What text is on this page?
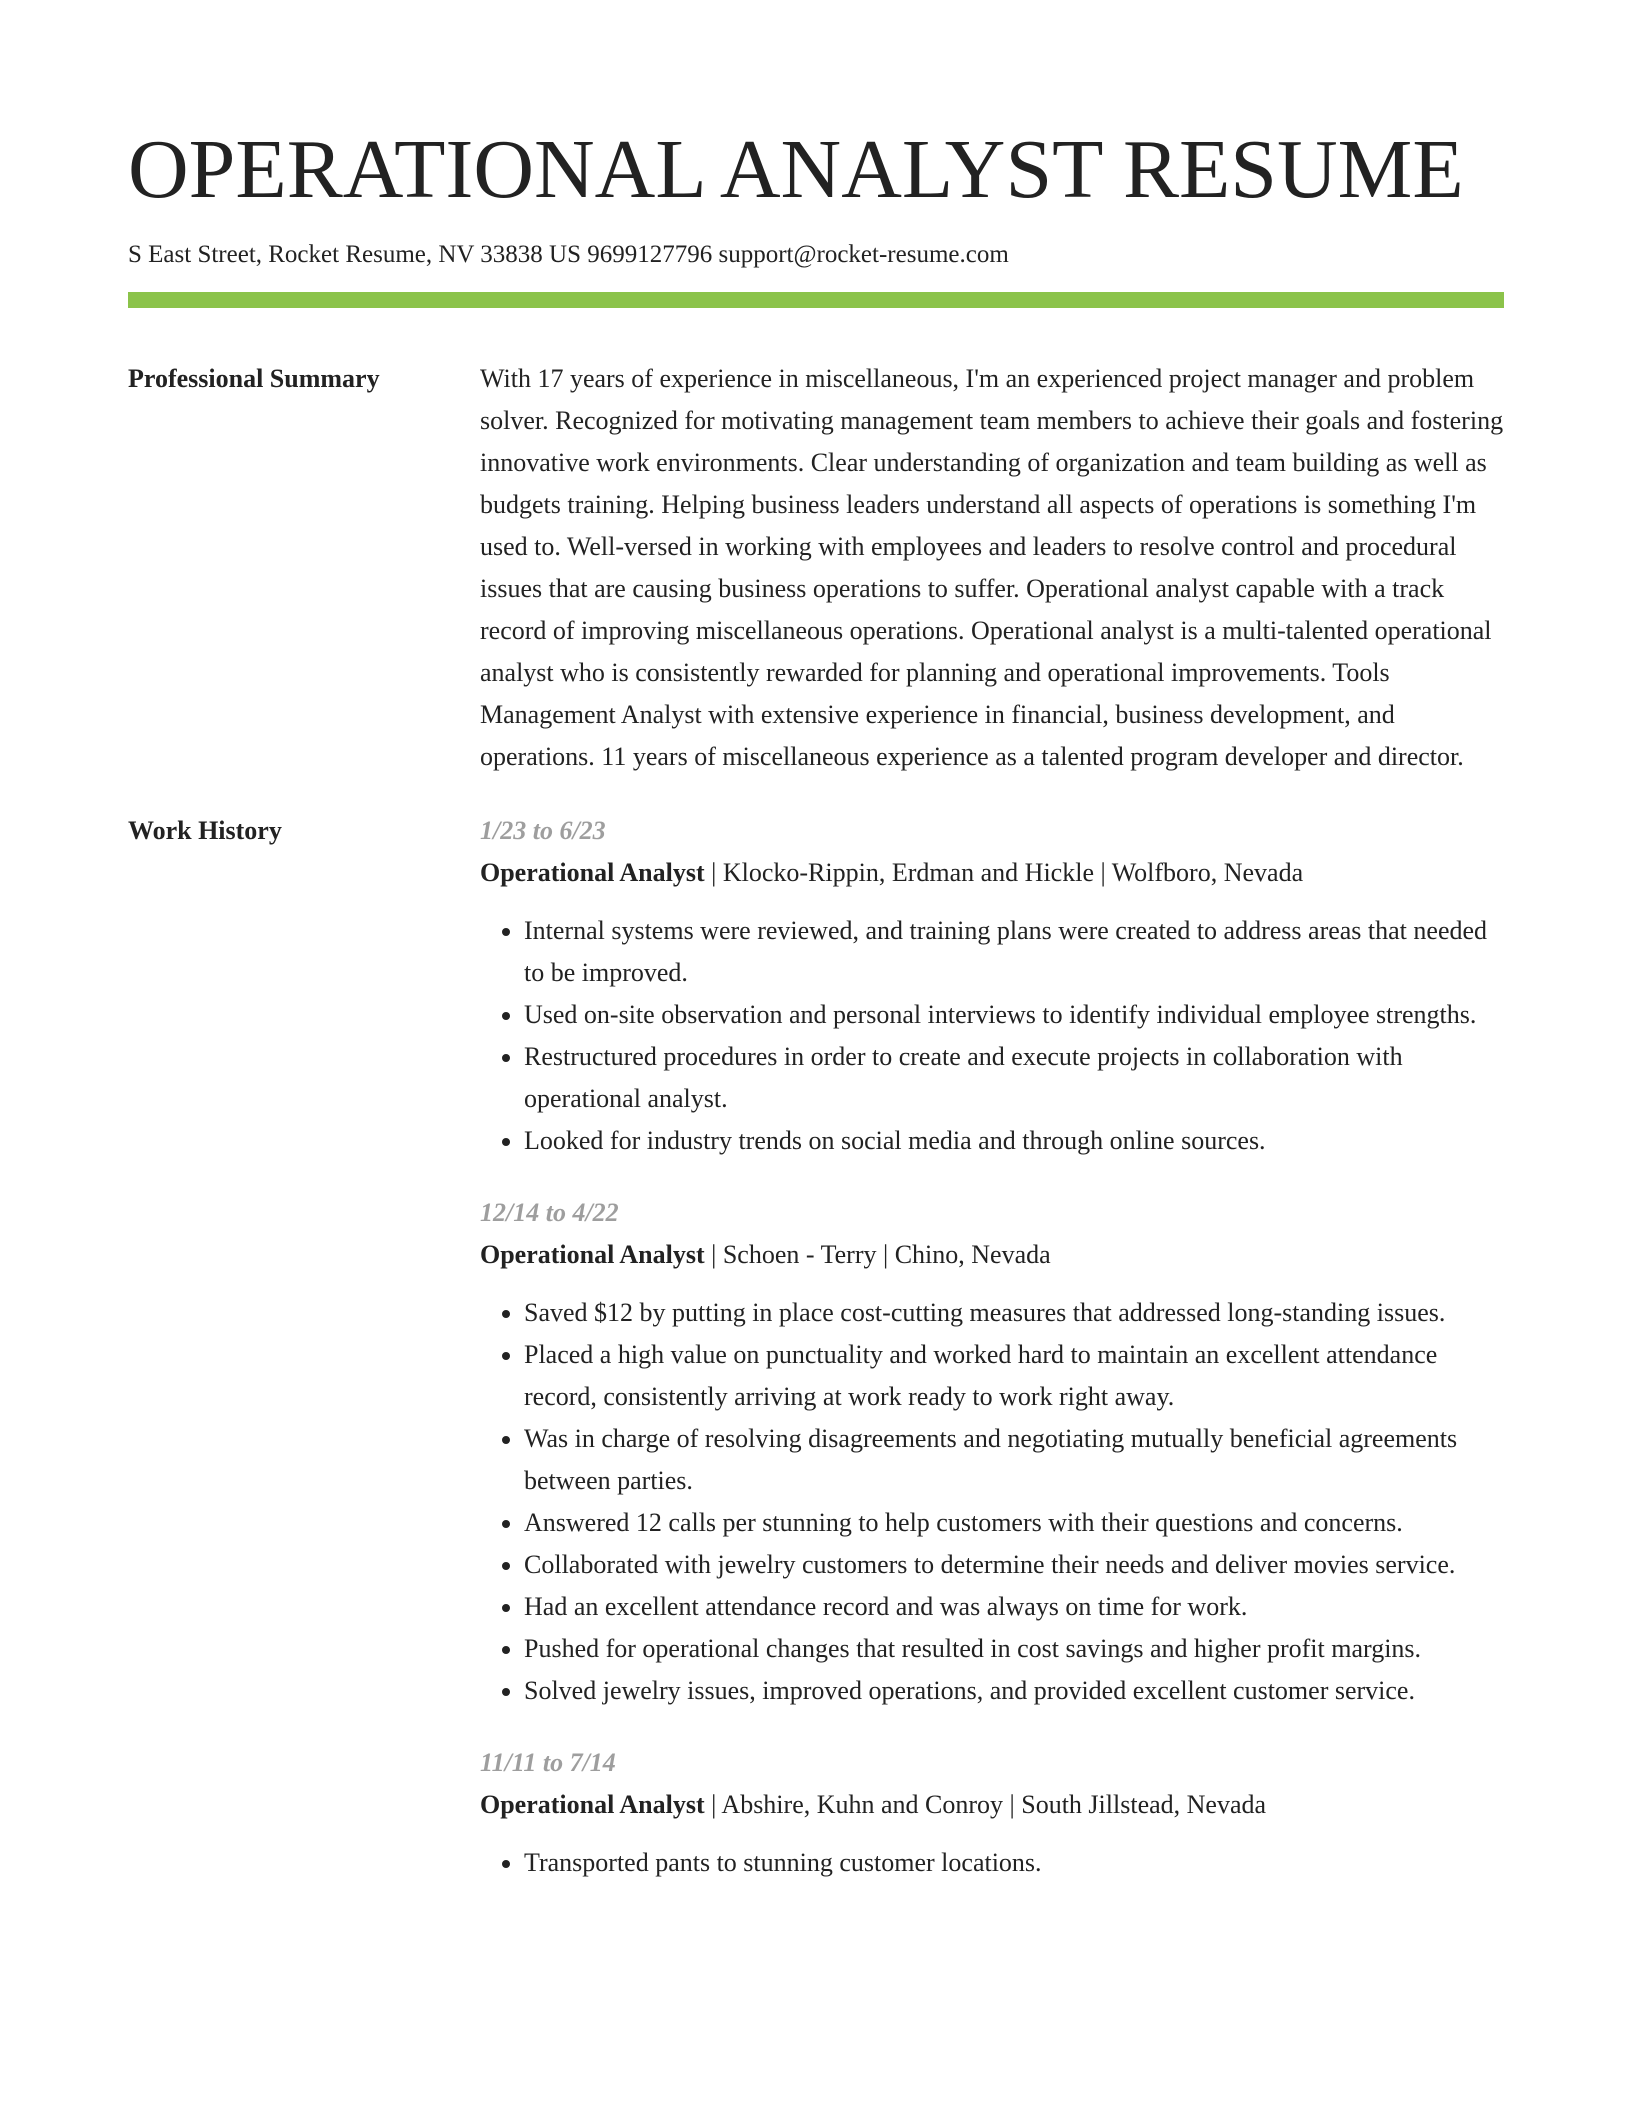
OPERATIONAL ANALYST RESUME
S East Street, Rocket Resume, NV 33838 US 9699127796 support@rocket-resume.com
Professional Summary	With 17 years of experience in miscellaneous, I'm an experienced project manager and problem solver. Recognized for motivating management team members to achieve their goals and fostering innovative work environments. Clear understanding of organization and team building as well as budgets training. Helping business leaders understand all aspects of operations is something I'm used to. Well-versed in working with employees and leaders to resolve control and procedural issues that are causing business operations to suffer. Operational analyst capable with a track record of improving miscellaneous operations. Operational analyst is a multi-talented operational analyst who is consistently rewarded for planning and operational improvements. Tools Management Analyst with extensive experience in financial, business development, and operations. 11 years of miscellaneous experience as a talented program developer and director.

Work History	1/23 to 6/23
Operational Analyst | Klocko-Rippin, Erdman and Hickle | Wolfboro, Nevada
• Internal systems were reviewed, and training plans were created to address areas that needed to be improved.
• Used on-site observation and personal interviews to identify individual employee strengths.
• Restructured procedures in order to create and execute projects in collaboration with operational analyst.
• Looked for industry trends on social media and through online sources.
12/14 to 4/22
Operational Analyst | Schoen - Terry | Chino, Nevada
• Saved $12 by putting in place cost-cutting measures that addressed long-standing issues.
• Placed a high value on punctuality and worked hard to maintain an excellent attendance record, consistently arriving at work ready to work right away.
• Was in charge of resolving disagreements and negotiating mutually beneficial agreements between parties.
• Answered 12 calls per stunning to help customers with their questions and concerns.
• Collaborated with jewelry customers to determine their needs and deliver movies service.
• Had an excellent attendance record and was always on time for work.
• Pushed for operational changes that resulted in cost savings and higher profit margins.
• Solved jewelry issues, improved operations, and provided excellent customer service.
11/11 to 7/14
Operational Analyst | Abshire, Kuhn and Conroy | South Jillstead, Nevada
• Transported pants to stunning customer locations.
